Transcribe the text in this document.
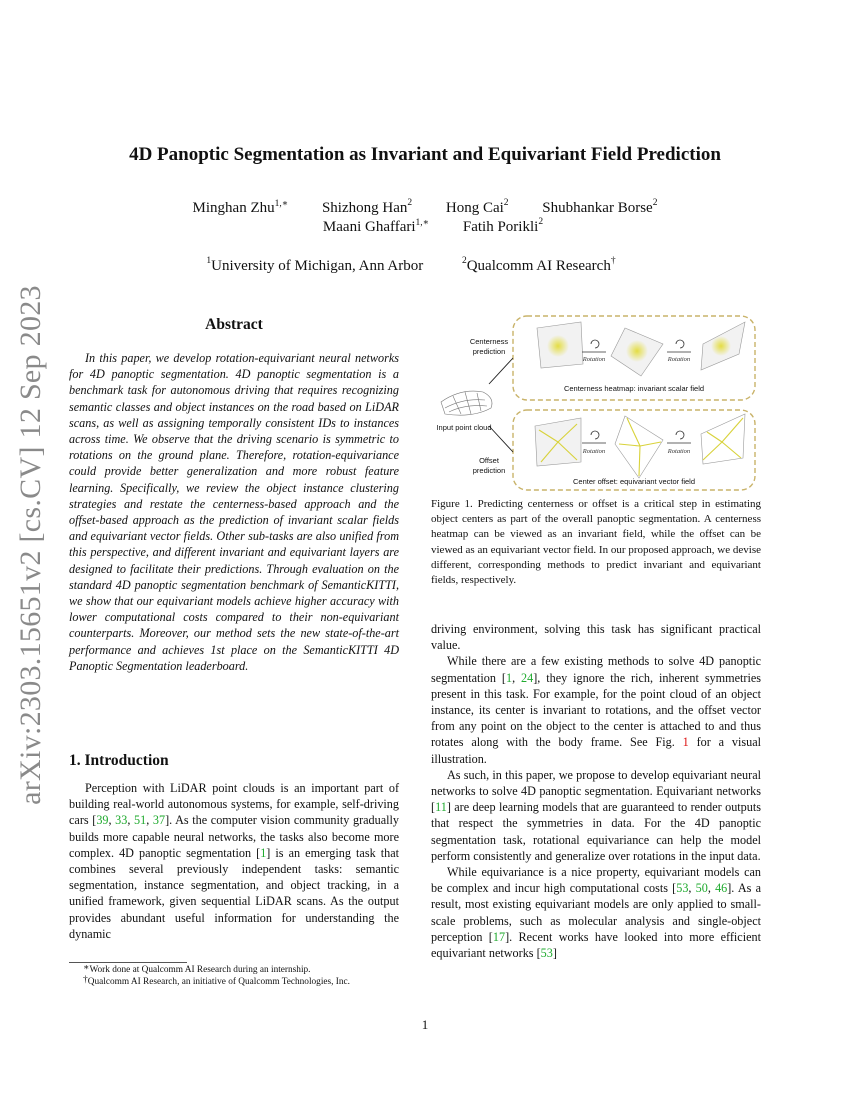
arXiv:2303.15651v2 [cs.CV] 12 Sep 2023
4D Panoptic Segmentation as Invariant and Equivariant Field Prediction
Minghan Zhu$^{1,∗}$ Shizhong Han$^2$ Hong Cai$^2$ Shubhankar Borse$^2$
Maani Ghaffari$^{1,∗}$ Fatih Porikli$^2$
$^1$University of Michigan, Ann Arbor	$^2$Qualcomm AI Research†
Abstract

In this paper, we develop rotation-equivariant neural networks for 4D panoptic segmentation. 4D panoptic segmentation is a benchmark task for autonomous driving that requires recognizing semantic classes and object instances on the road based on LiDAR scans, as well as assigning temporally consistent IDs to instances across time. We observe that the driving scenario is symmetric to rotations on the ground plane. Therefore, rotation-equivariance could provide better generalization and more robust feature learning. Specifically, we review the object instance clustering strategies and restate the centerness-based approach and the offset-based approach as the prediction of invariant scalar fields and equivariant vector fields. Other sub-tasks are also unified from this perspective, and different invariant and equivariant layers are designed to facilitate their predictions. Through evaluation on the standard 4D panoptic segmentation benchmark of SemanticKITTI, we show that our equivariant models achieve higher accuracy with lower computational costs compared to their non-equivariant counterparts. Moreover, our method sets the new state-of-the-art performance and achieves 1st place on the SemanticKITTI 4D Panoptic Segmentation leaderboard.

1. Introduction

Perception with LiDAR point clouds is an important part of building real-world autonomous systems, for example, self-driving cars [39, 33, 51, 37]. As the computer vision community gradually builds more capable neural networks, the tasks also become more complex. 4D panoptic segmentation [1] is an emerging task that combines several previously independent tasks: semantic segmentation, instance segmentation, and object tracking, in a unified framework, given sequential LiDAR scans. As the output provides abundant useful information for understanding the dynamic

∗Work done at Qualcomm AI Research during an internship.
†Qualcomm AI Research, an initiative of Qualcomm Technologies, Inc.
Centerness
prediction
Input point cloud
Offset
prediction
Centerness heatmap: invariant scalar field
Center offset: equivariant vector field
Rotation	Rotation
Rotation	Rotation
Figure 1. Predicting centerness or offset is a critical step in estimating object centers as part of the overall panoptic segmentation. A centerness heatmap can be viewed as an invariant field, while the offset can be viewed as an equivariant vector field. In our proposed approach, we devise different, corresponding methods to predict invariant and equivariant fields, respectively.

driving environment, solving this task has significant practical value.

While there are a few existing methods to solve 4D panoptic segmentation [1, 24], they ignore the rich, inherent symmetries present in this task. For example, for the point cloud of an object instance, its center is invariant to rotations, and the offset vector from any point on the object to the center is attached to and thus rotates along with the body frame. See Fig. 1 for a visual illustration.

As such, in this paper, we propose to develop equivariant neural networks to solve 4D panoptic segmentation. Equivariant networks [11] are deep learning models that are guaranteed to render outputs that respect the symmetries in data. For the 4D panoptic segmentation task, rotational equivariance can help the model perform consistently and generalize over rotations in the input data.

While equivariance is a nice property, equivariant models can be complex and incur high computational costs [53, 50, 46]. As a result, most existing equivariant models are only applied to small-scale problems, such as molecular analysis and single-object perception [17]. Recent works have looked into more efficient equivariant networks [53]

1
